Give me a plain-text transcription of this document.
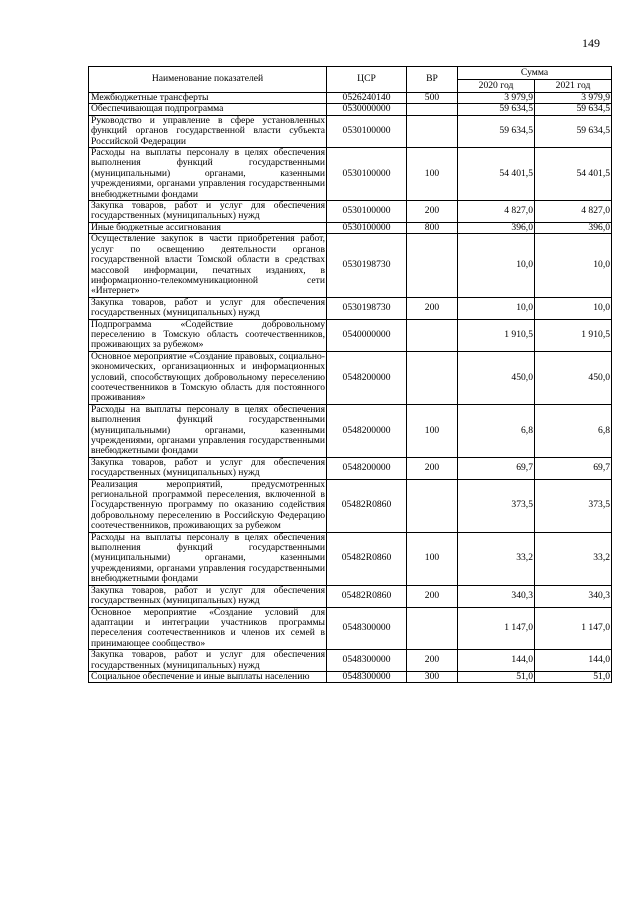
149
Наименование показателей	ЦСР	ВР	Сумма	
			2020 год	2021 год
Межбюджетные трансферты	0526240140	500	3 979,9	3 979,9
Обеспечивающая подпрограмма	0530000000		59 634,5	59 634,5
Руководство и управление в сфере установленных функций органов государственной власти субъекта Российской Федерации	0530100000		59 634,5	59 634,5
Расходы на выплаты персоналу в целях обеспечения выполнения функций государственными (муниципальными) органами, казенными учреждениями, органами управления государственными внебюджетными фондами	0530100000	100	54 401,5	54 401,5
Закупка товаров, работ и услуг для обеспечения государственных (муниципальных) нужд	0530100000	200	4 827,0	4 827,0
Иные бюджетные ассигнования	0530100000	800	396,0	396,0
Осуществление закупок в части приобретения работ, услуг по освещению деятельности органов государственной власти Томской области в средствах массовой информации, печатных изданиях, в информационно-телекоммуникационной сети «Интернет»	0530198730		10,0	10,0
Закупка товаров, работ и услуг для обеспечения государственных (муниципальных) нужд	0530198730	200	10,0	10,0
Подпрограмма «Содействие добровольному переселению в Томскую область соотечественников, проживающих за рубежом»	0540000000		1 910,5	1 910,5
Основное мероприятие «Создание правовых, социально-экономических, организационных и информационных условий, способствующих добровольному переселению соотечественников в Томскую область для постоянного проживания»	0548200000		450,0	450,0
Расходы на выплаты персоналу в целях обеспечения выполнения функций государственными (муниципальными) органами, казенными учреждениями, органами управления государственными внебюджетными фондами	0548200000	100	6,8	6,8
Закупка товаров, работ и услуг для обеспечения государственных (муниципальных) нужд	0548200000	200	69,7	69,7
Реализация мероприятий, предусмотренных региональной программой переселения, включенной в Государственную программу по оказанию содействия добровольному переселению в Российскую Федерацию соотечественников, проживающих за рубежом	05482R0860		373,5	373,5
Расходы на выплаты персоналу в целях обеспечения выполнения функций государственными (муниципальными) органами, казенными учреждениями, органами управления государственными внебюджетными фондами	05482R0860	100	33,2	33,2
Закупка товаров, работ и услуг для обеспечения государственных (муниципальных) нужд	05482R0860	200	340,3	340,3
Основное мероприятие «Создание условий для адаптации и интеграции участников программы переселения соотечественников и членов их семей в принимающее сообщество»	0548300000		1 147,0	1 147,0
Закупка товаров, работ и услуг для обеспечения государственных (муниципальных) нужд	0548300000	200	144,0	144,0
Социальное обеспечение и иные выплаты населению	0548300000	300	51,0	51,0
